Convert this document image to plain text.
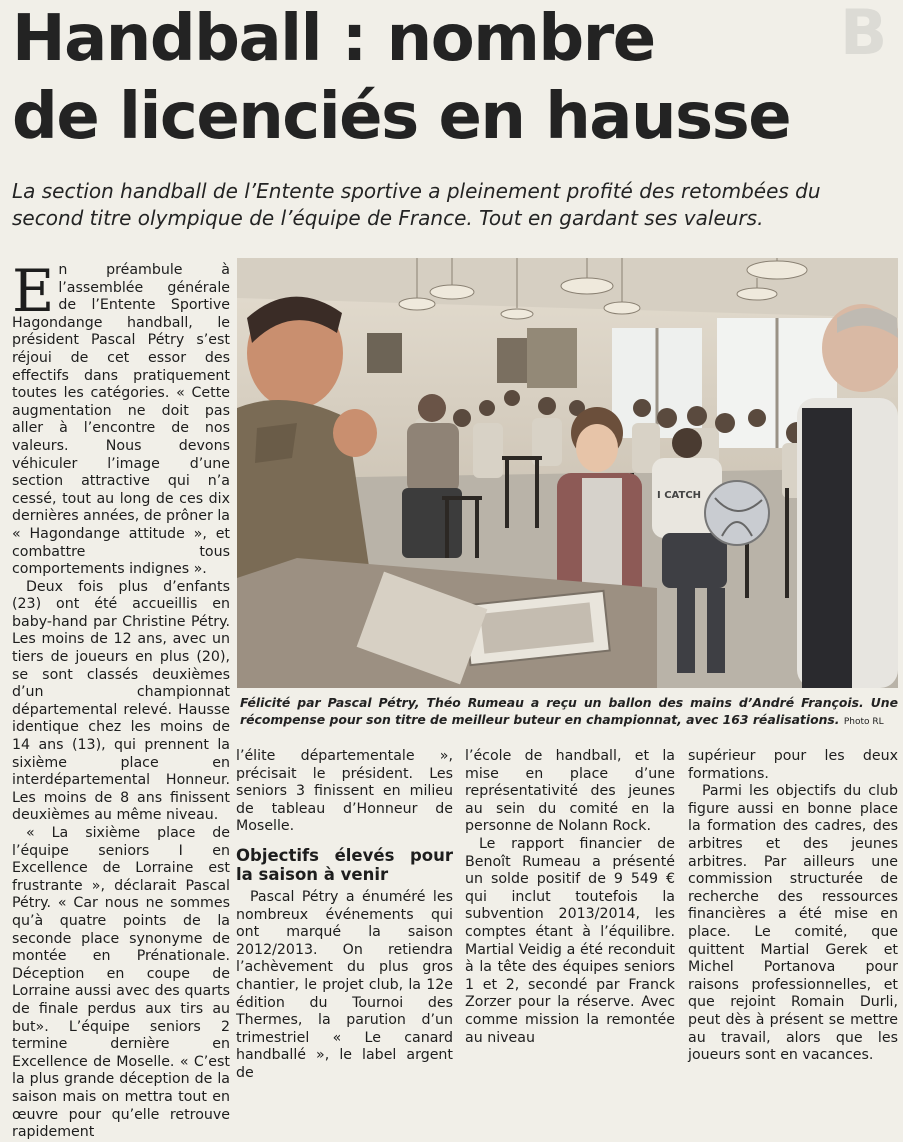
B
Handball : nombre
de licenciés en hausse
La section handball de l’Entente sportive a pleinement profité des retombées du second titre olympique de l’équipe de France. Tout en gardant ses valeurs.

En préambule à l’assemblée générale de l’Entente Sportive Hagondange handball, le président Pascal Pétry s’est réjoui de cet essor des effectifs dans pratiquement toutes les catégories. « Cette augmentation ne doit pas aller à l’encontre de nos valeurs. Nous devons véhiculer l’image d’une section attractive qui n’a cessé, tout au long de ces dix dernières années, de prôner la « Hagondange attitude », et combattre tous comportements indignes ».

Deux fois plus d’enfants (23) ont été accueillis en baby-hand par Christine Pétry. Les moins de 12 ans, avec un tiers de joueurs en plus (20), se sont classés deuxièmes d’un championnat départemental relevé. Hausse identique chez les moins de 14 ans (13), qui prennent la sixième place en interdépartemental Honneur. Les moins de 8 ans finissent deuxièmes au même niveau.

« La sixième place de l’équipe seniors I en Excellence de Lorraine est frustrante », déclarait Pascal Pétry. « Car nous ne sommes qu’à quatre points de la seconde place synonyme de montée en Prénationale. Déception en coupe de Lorraine aussi avec des quarts de finale perdus aux tirs au but». L’équipe seniors 2 termine dernière en Excellence de Moselle. « C’est la plus grande déception de la saison mais on mettra tout en œuvre pour qu’elle retrouve rapidement

I CATCH
Félicité par Pascal Pétry, Théo Rumeau a reçu un ballon des mains d’André François. Une récompense pour son titre de meilleur buteur en championnat, avec 163 réalisations. Photo RL

l’élite départementale », précisait le président. Les seniors 3 finissent en milieu de tableau d’Honneur de Moselle.

Objectifs élevés pour la saison à venir

Pascal Pétry a énuméré les nombreux événements qui ont marqué la saison 2012/2013. On retiendra l’achèvement du plus gros chantier, le projet club, la 12e édition du Tournoi des Thermes, la parution d’un trimestriel « Le canard handballé », le label argent de

l’école de handball, et la mise en place d’une représentativité des jeunes au sein du comité en la personne de Nolann Rock.

Le rapport financier de Benoît Rumeau a présenté un solde positif de 9 549 € qui inclut toutefois la subvention 2013/2014, les comptes étant à l’équilibre. Martial Veidig a été reconduit à la tête des équipes seniors 1 et 2, secondé par Franck Zorzer pour la réserve. Avec comme mission la remontée au niveau

supérieur pour les deux formations.

Parmi les objectifs du club figure aussi en bonne place la formation des cadres, des arbitres et des jeunes arbitres. Par ailleurs une commission structurée de recherche des ressources financières a été mise en place. Le comité, que quittent Martial Gerek et Michel Portanova pour raisons professionnelles, et que rejoint Romain Durli, peut dès à présent se mettre au travail, alors que les joueurs sont en vacances.
